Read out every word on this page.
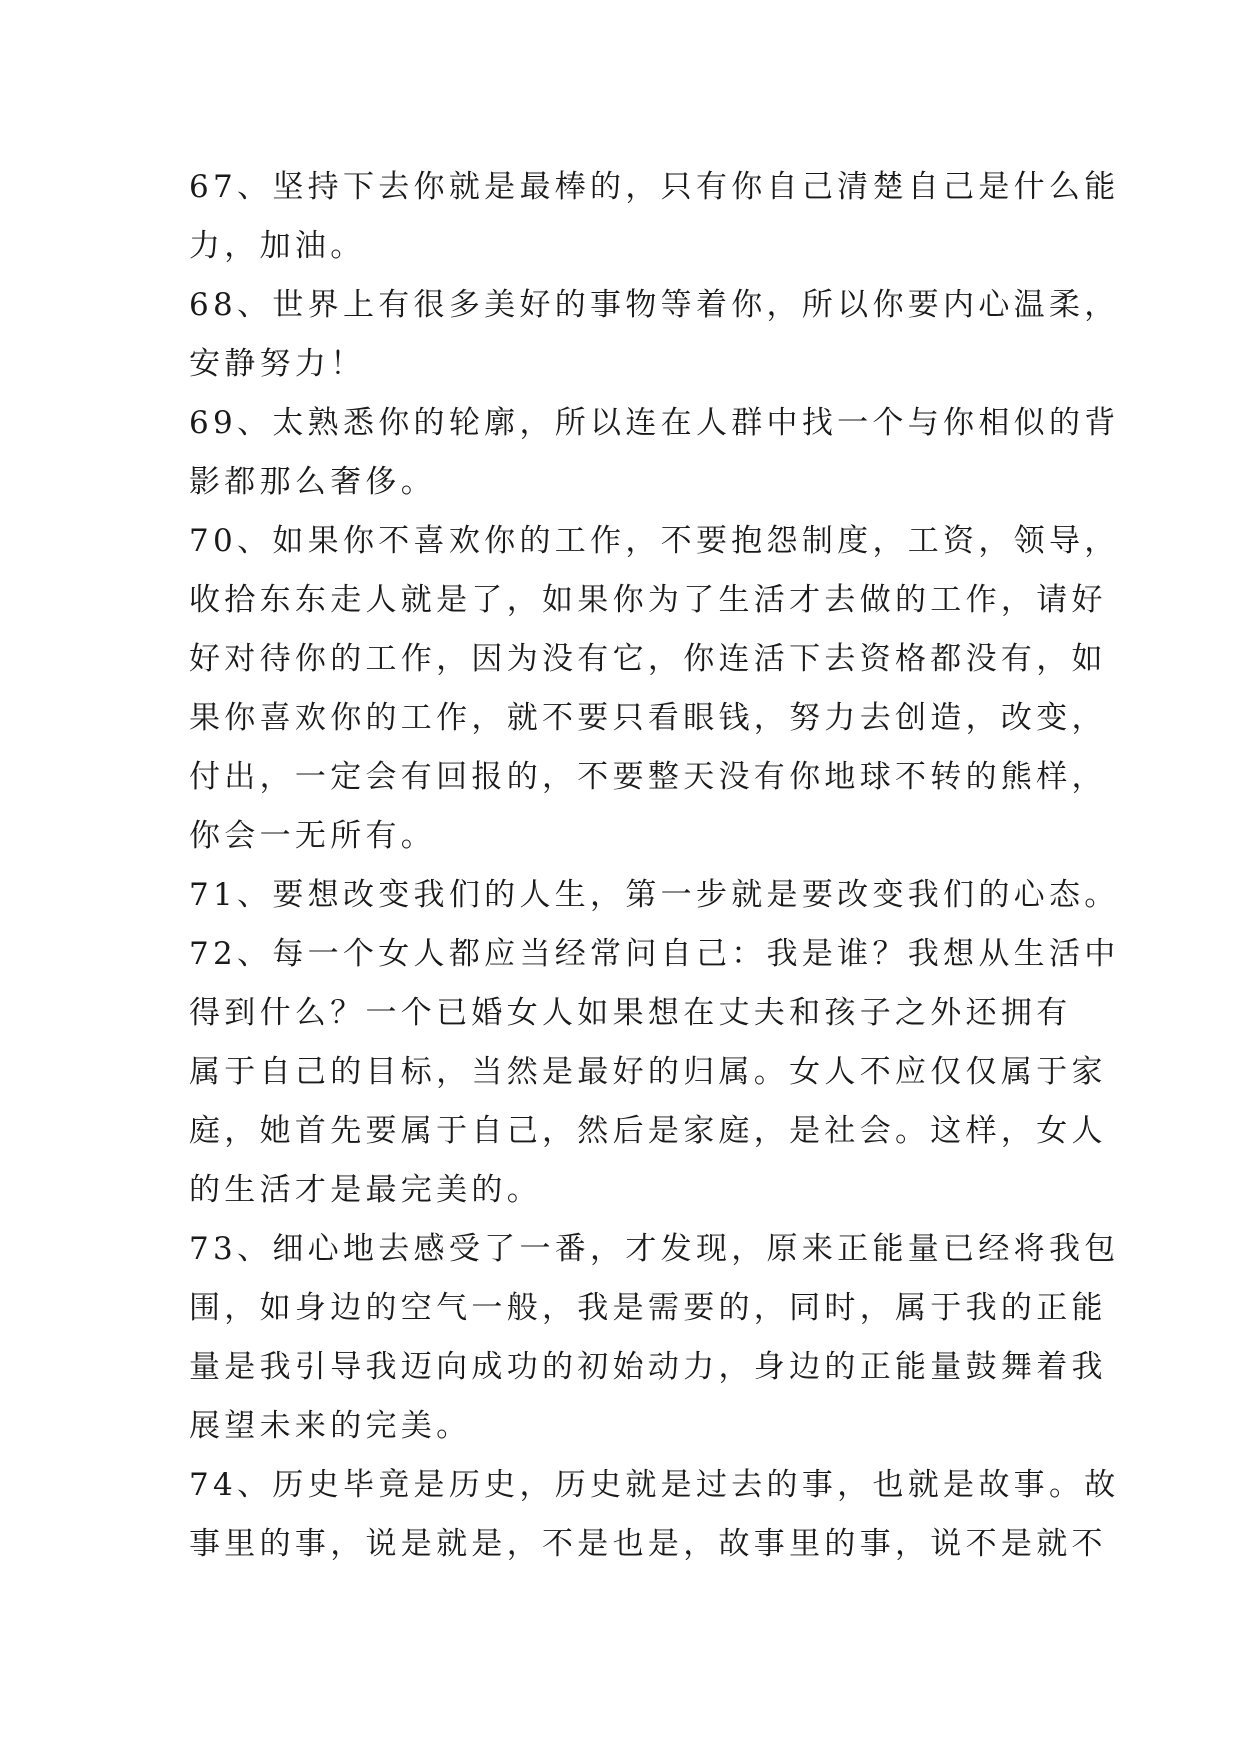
67、坚持下去你就是最棒的，只有你自己清楚自己是什么能
力，加油。
68、世界上有很多美好的事物等着你，所以你要内心温柔，
安静努力！
69、太熟悉你的轮廓，所以连在人群中找一个与你相似的背
影都那么奢侈。
70、如果你不喜欢你的工作，不要抱怨制度，工资，领导，
收拾东东走人就是了，如果你为了生活才去做的工作，请好
好对待你的工作，因为没有它，你连活下去资格都没有，如
果你喜欢你的工作，就不要只看眼钱，努力去创造，改变，
付出，一定会有回报的，不要整天没有你地球不转的熊样，
你会一无所有。
71、要想改变我们的人生，第一步就是要改变我们的心态。
72、每一个女人都应当经常问自己：我是谁？我想从生活中
得到什么？一个已婚女人如果想在丈夫和孩子之外还拥有
属于自己的目标，当然是最好的归属。女人不应仅仅属于家
庭，她首先要属于自己，然后是家庭，是社会。这样，女人
的生活才是最完美的。
73、细心地去感受了一番，才发现，原来正能量已经将我包
围，如身边的空气一般，我是需要的，同时，属于我的正能
量是我引导我迈向成功的初始动力，身边的正能量鼓舞着我
展望未来的完美。
74、历史毕竟是历史，历史就是过去的事，也就是故事。故
事里的事，说是就是，不是也是，故事里的事，说不是就不
